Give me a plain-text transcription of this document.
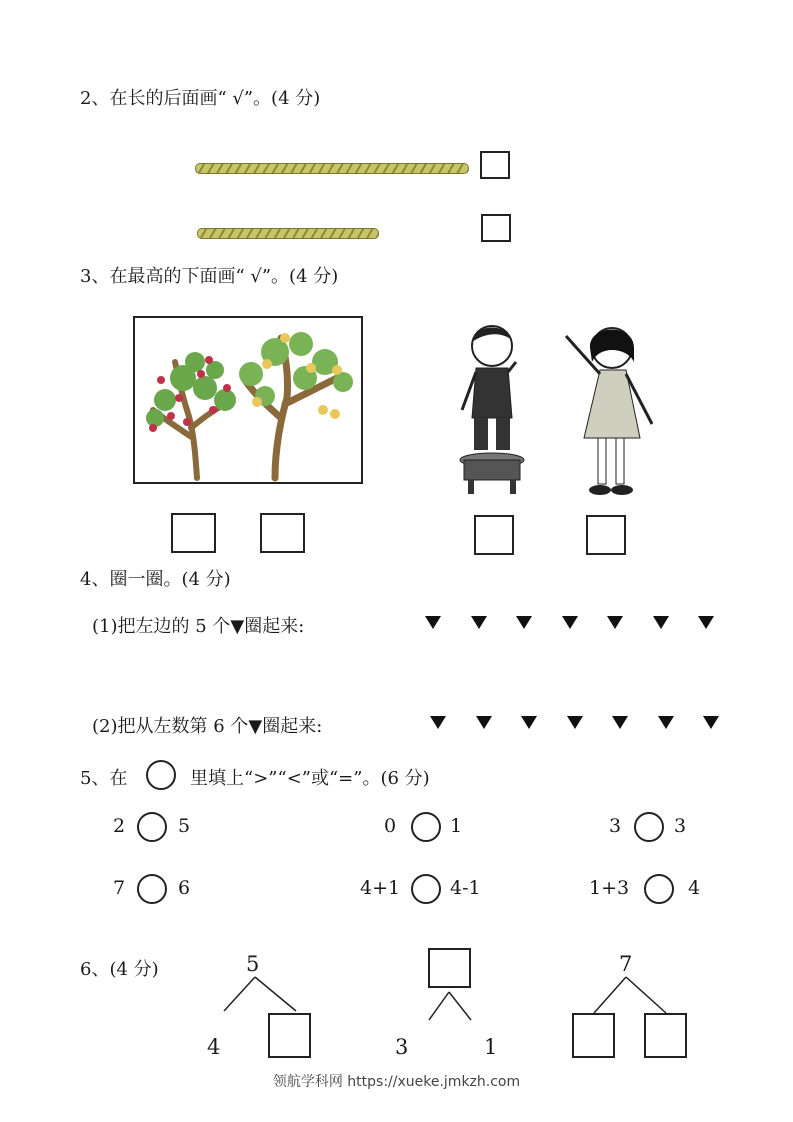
2、在长的后面画“ √”。(4 分)
3、在最高的下面画“ √”。(4 分)
4、圈一圈。(4 分)
(1)把左边的 5 个▼圈起来:
(2)把从左数第 6 个▼圈起来:
5、在	里填上“>”“<”或“=”。(6 分)
2	5	0	1	3	3
7	6	4+1	4-1	1+3	4
6、(4 分)	5
4	3	1
7
领航学科网 https://xueke.jmkzh.com
